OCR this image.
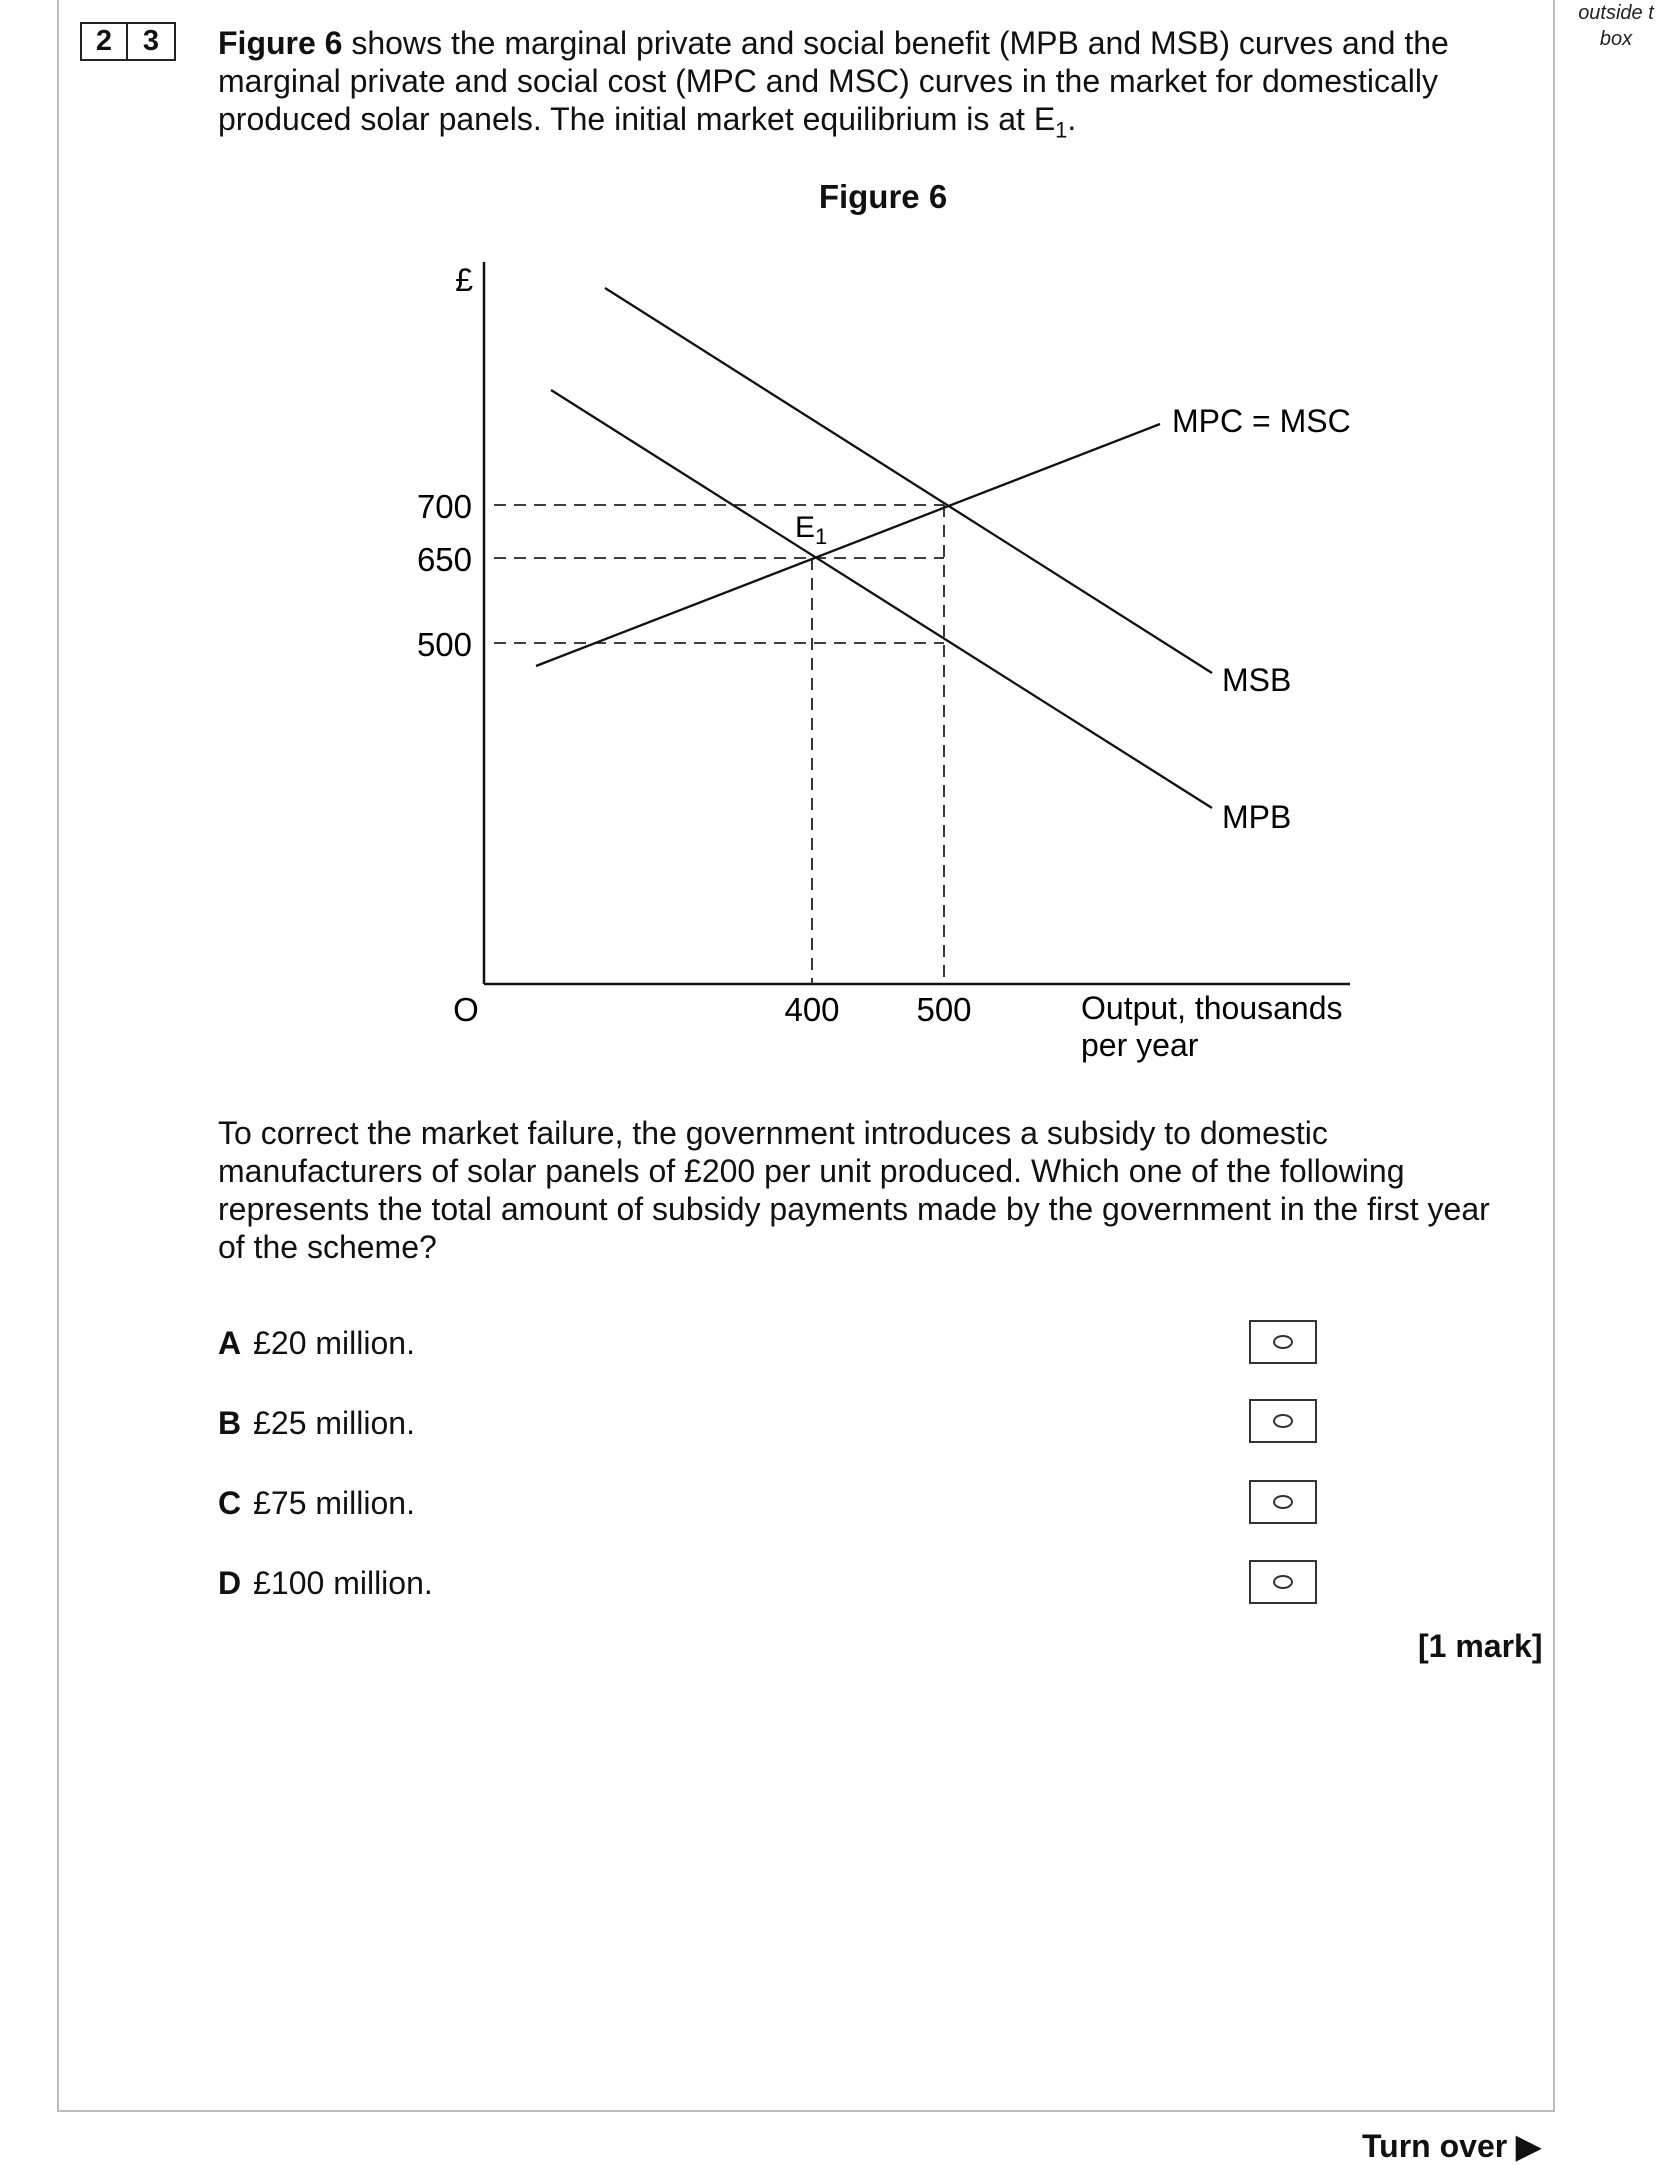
outside t
box
2	3	Figure 6 shows the marginal private and social benefit (MPB and MSB) curves and the marginal private and social cost (MPC and MSC) curves in the market for domestically produced solar panels. The initial market equilibrium is at $E_1$.
Figure 6
£
700
650
500
O	400 500	Output, thousands
per year
MPC = MSC
MSB
MPB
$E_1$
To correct the market failure, the government introduces a subsidy to domestic manufacturers of solar panels of £200 per unit produced. Which one of the following represents the total amount of subsidy payments made by the government in the first year of the scheme?
A £20 million.
B £25 million.
C £75 million.
D £100 million.
[1 mark]
Turn over ▶
